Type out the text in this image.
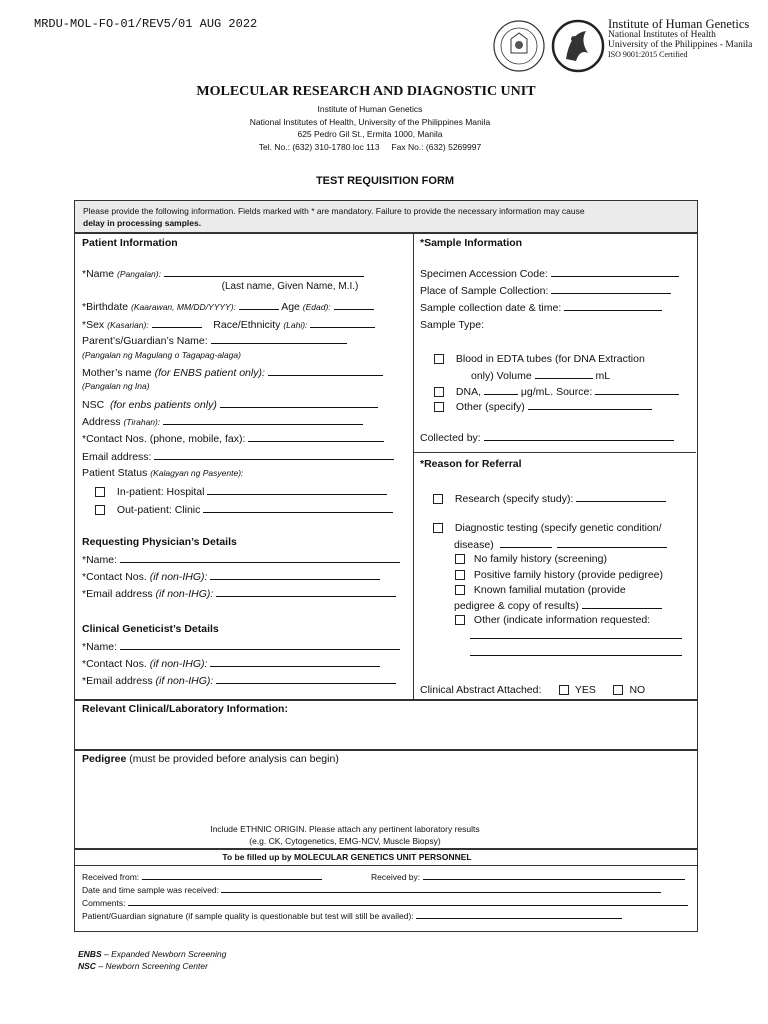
MRDU-MOL-FO-01/REV5/01 AUG 2022	Institute of Human Genetics
National Institutes of Health
University of the Philippines - Manila
ISO 9001:2015 Certified
MOLECULAR RESEARCH AND DIAGNOSTIC UNIT
Institute of Human Genetics
National Institutes of Health, University of the Philippines Manila
625 Pedro Gil St., Ermita 1000, Manila
Tel. No.: (632) 310-1780 loc 113     Fax No.: (632) 5269997
TEST REQUISITION FORM
Please provide the following information. Fields marked with * are mandatory. Failure to provide the necessary information may cause
delay in processing samples.
Patient Information
*Name (Pangalan):
(Last name, Given Name, M.I.)
*Birthdate (Kaarawan, MM/DD/YYYY):	Age (Edad):
*Sex (Kasarian):	Race/Ethnicity (Lahi):
Parent’s/Guardian’s Name:
(Pangalan ng Magulang o Tagapag-alaga)
Mother’s name (for ENBS patient only):
(Pangalan ng Ina)
NSC (for enbs patients only)
Address (Tirahan):
*Contact Nos. (phone, mobile, fax):
Email address:
Patient Status (Kalagyan ng Pasyente):
In-patient: Hospital
Out-patient: Clinic
Requesting Physician’s Details
*Name:
*Contact Nos. (if non-IHG):
*Email address (if non-IHG):
Clinical Geneticist’s Details
*Name:
*Contact Nos. (if non-IHG):
*Email address (if non-IHG):
*Sample Information
Specimen Accession Code:
Place of Sample Collection:
Sample collection date & time:
Sample Type:
Blood in EDTA tubes (for DNA Extraction
only) Volume	mL
DNA,	μg/mL. Source:
Other (specify)
Collected by:
*Reason for Referral
Research (specify study):
Diagnostic testing (specify genetic condition/
disease)
No family history (screening)
Positive family history (provide pedigree)
Known familial mutation (provide
pedigree & copy of results)
Other (indicate information requested:
Clinical Abstract Attached:	YES	NO
Relevant Clinical/Laboratory Information:
Pedigree (must be provided before analysis can begin)
Include ETHNIC ORIGIN. Please attach any pertinent laboratory results
(e.g. CK, Cytogenetics, EMG-NCV, Muscle Biopsy)
To be filled up by MOLECULAR GENETICS UNIT PERSONNEL
Received from:	Received by:
Date and time sample was received:
Comments:
Patient/Guardian signature (if sample quality is questionable but test will still be availed):
ENBS – Expanded Newborn Screening
NSC – Newborn Screening Center
